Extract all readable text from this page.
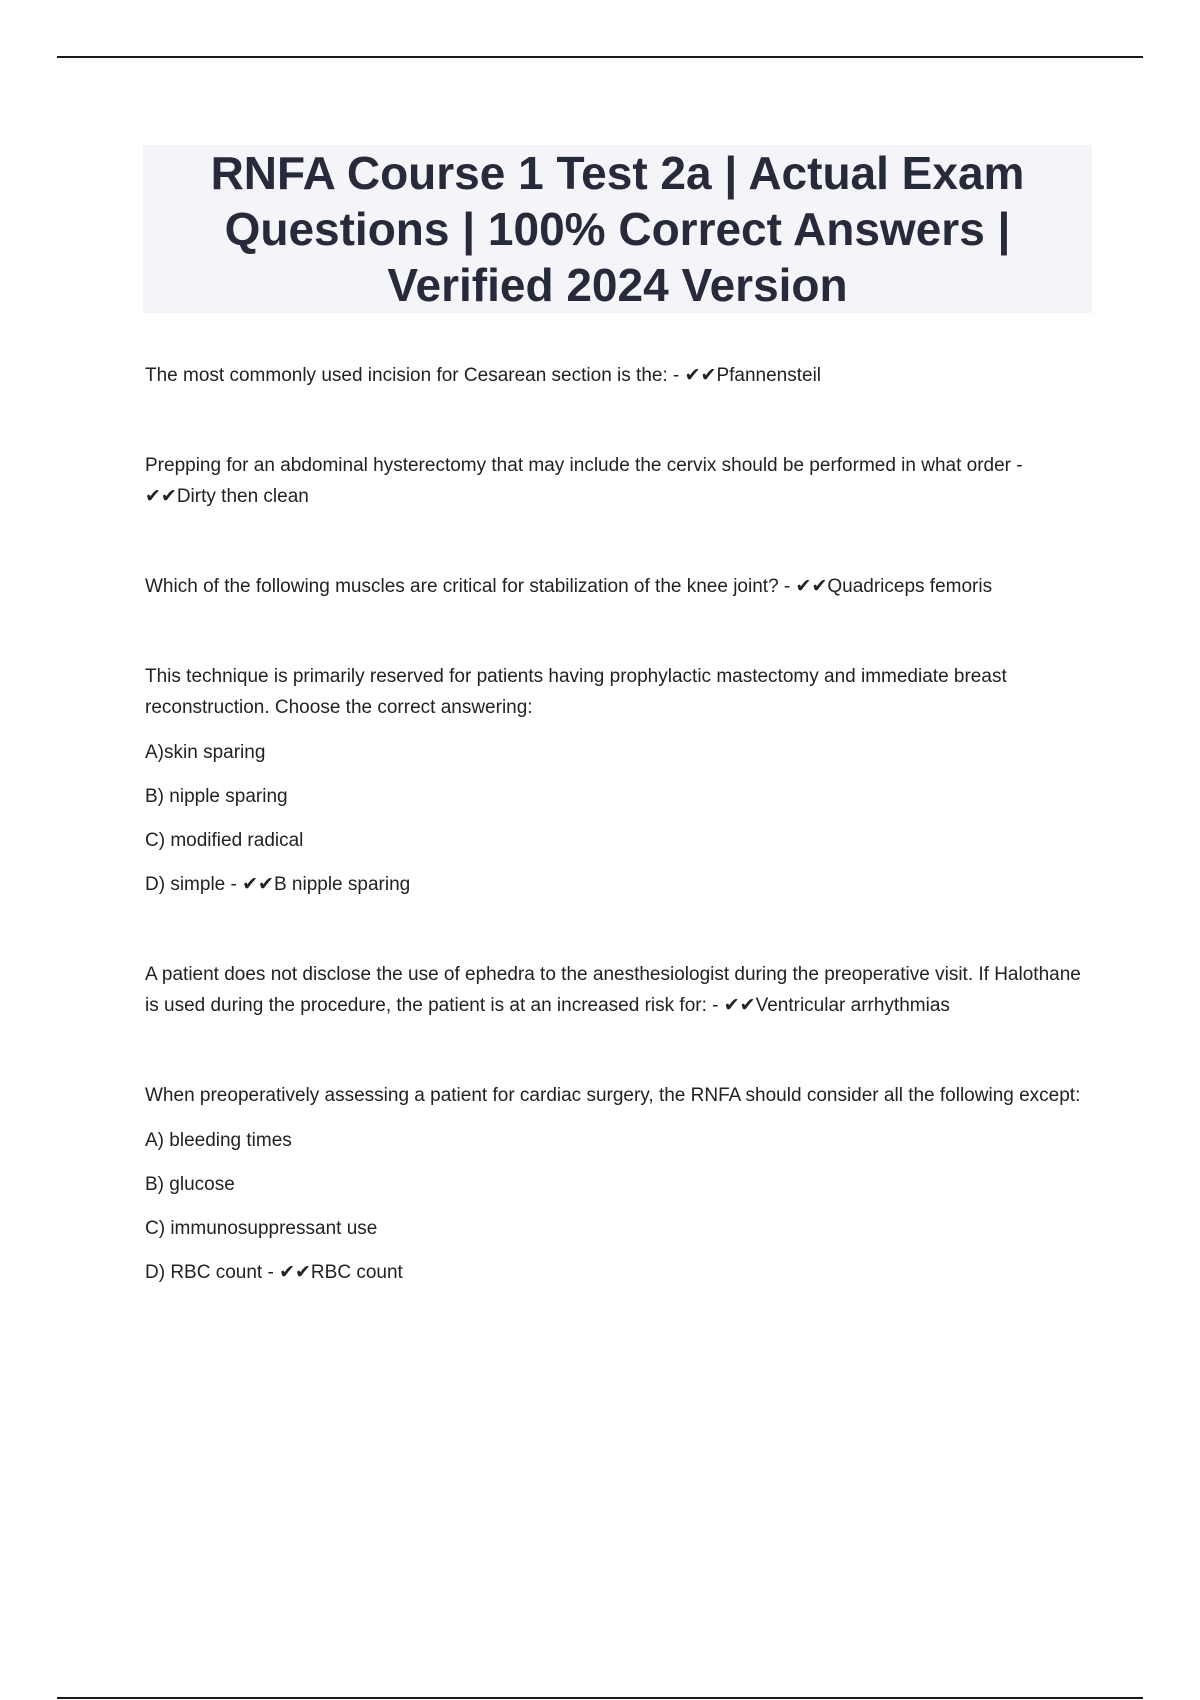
RNFA Course 1 Test 2a | Actual Exam Questions | 100% Correct Answers | Verified 2024 Version

The most commonly used incision for Cesarean section is the: - ✔✔Pfannensteil

Prepping for an abdominal hysterectomy that may include the cervix should be performed in what order - ✔✔Dirty then clean

Which of the following muscles are critical for stabilization of the knee joint? - ✔✔Quadriceps femoris

This technique is primarily reserved for patients having prophylactic mastectomy and immediate breast reconstruction. Choose the correct answering:

A)skin sparing

B) nipple sparing

C) modified radical

D) simple - ✔✔B nipple sparing

A patient does not disclose the use of ephedra to the anesthesiologist during the preoperative visit. If Halothane is used during the procedure, the patient is at an increased risk for: - ✔✔Ventricular arrhythmias

When preoperatively assessing a patient for cardiac surgery, the RNFA should consider all the following except:

A) bleeding times

B) glucose

C) immunosuppressant use

D) RBC count - ✔✔RBC count
